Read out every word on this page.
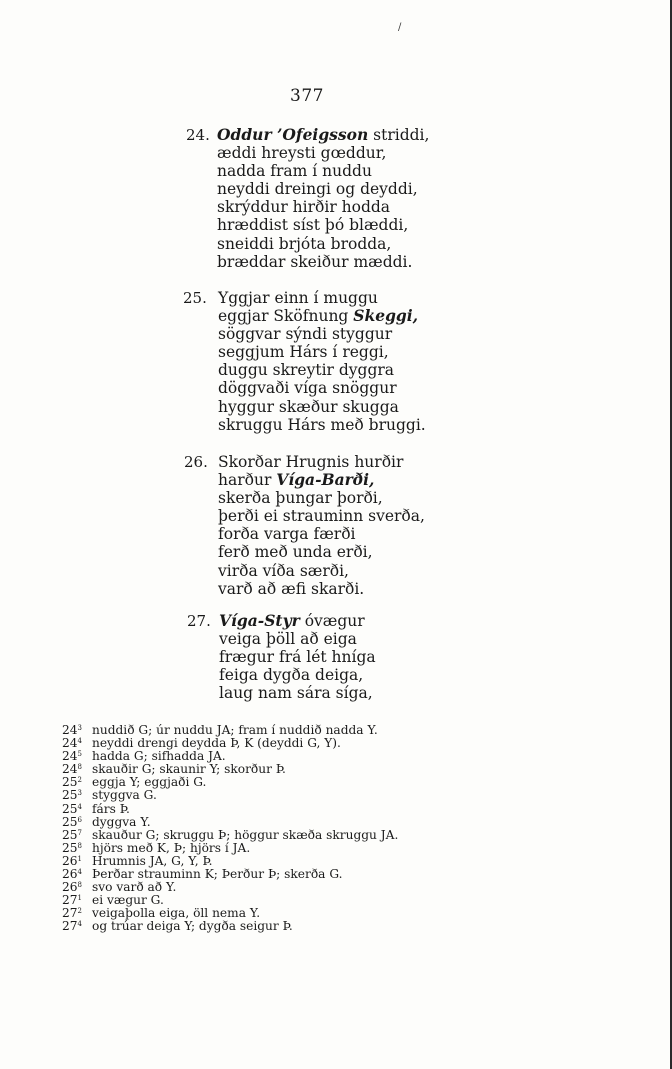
/
377
24. Oddur ’Ofeigsson striddi,
æddi hreysti gœddur,
nadda fram í nuddu
neyddi dreingi og deyddi,
skrýddur hirðir hodda
hræddist síst þó blæddi,
sneiddi brjóta brodda,
bræddar skeiður mæddi.
25. Yggjar einn í muggu
eggjar Sköfnung Skeggi,
söggvar sýndi styggur
seggjum Hárs í reggi,
duggu skreytir dyggra
döggvaði víga snöggur
hyggur skæður skugga
skruggu Hárs með bruggi.
26. Skorðar Hrugnis hurðir
harður Víga-Barði,
skerða þungar þorði,
þerði ei strauminn sverða,
forða varga færði
ferð með unda erði,
virða víða særði,
varð að æfi skarði.
27. Víga-Styr óvægur
veiga þöll að eiga
frægur frá lét hníga
feiga dygða deiga,
laug nam sára síga,
$24^3$ nuddið G; úr nuddu JA; fram í nuddið nadda Y.
$24^4$ neyddi drengi deydda Þ, K (deyddi G, Y).
$24^5$ hadda G; sifhadda JA.
$24^8$ skauðir G; skaunir Y; skorður Þ.
$25^2$ eggja Y; eggjaði G.
$25^3$ styggva G.
$25^4$ fárs Þ.
$25^6$ dyggva Y.
$25^7$ skauður G; skruggu Þ; höggur skæða skruggu JA.
$25^8$ hjörs með K, Þ; hjörs í JA.
$26^1$ Hrumnis JA, G, Y, Þ.
$26^4$ Þerðar strauminn K; Þerður Þ; skerða G.
$26^8$ svo varð að Y.
$27^1$ ei vægur G.
$27^2$ veigaþolla eiga, öll nema Y.
$27^4$ og trúar deiga Y; dygða seigur Þ.
